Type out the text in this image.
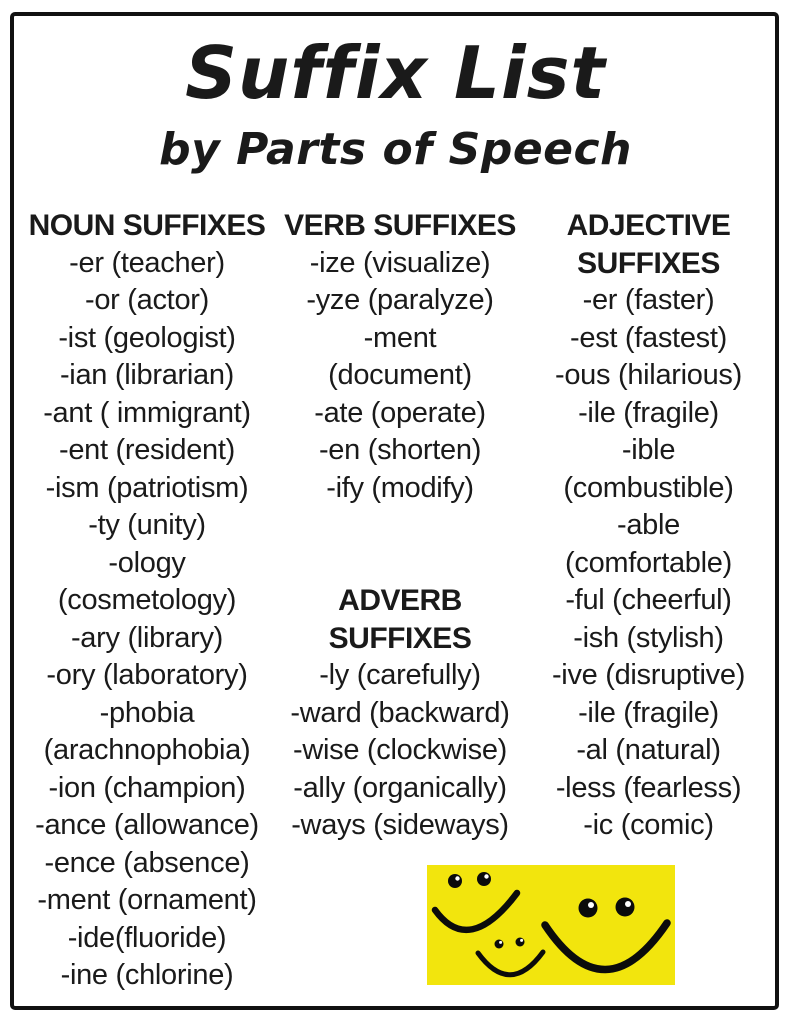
Suffix List
by Parts of Speech
NOUN SUFFIXES
-er (teacher)
-or (actor)
-ist (geologist)
-ian (librarian)
-ant ( immigrant)
-ent (resident)
-ism (patriotism)
-ty (unity)
-ology
(cosmetology)
-ary (library)
-ory (laboratory)
-phobia
(arachnophobia)
-ion (champion)
-ance (allowance)
-ence (absence)
-ment (ornament)
-ide(fluoride)
-ine (chlorine)
VERB SUFFIXES
-ize (visualize)
-yze (paralyze)
-ment
(document)
-ate (operate)
-en (shorten)
-ify (modify)

ADVERB
SUFFIXES
-ly (carefully)
-ward (backward)
-wise (clockwise)
-ally (organically)
-ways (sideways)
ADJECTIVE
SUFFIXES
-er (faster)
-est (fastest)
-ous (hilarious)
-ile (fragile)
-ible
(combustible)
-able
(comfortable)
-ful (cheerful)
-ish (stylish)
-ive (disruptive)
-ile (fragile)
-al (natural)
-less (fearless)
-ic (comic)
